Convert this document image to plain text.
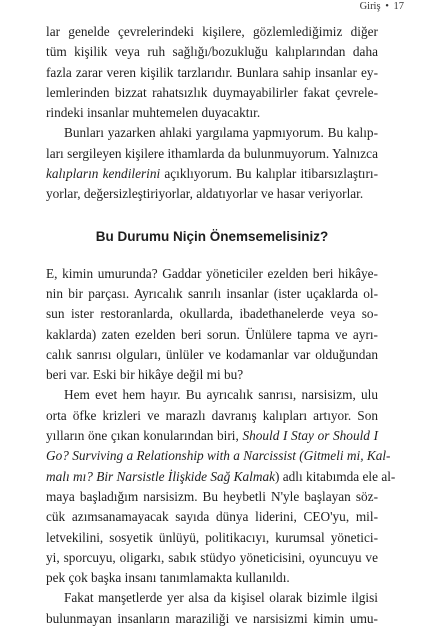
Giriş • 17
lar genelde çevrelerindeki kişilere, gözlemlediğimiz diğer
tüm kişilik veya ruh sağlığı/bozukluğu kalıplarından daha
fazla zarar veren kişilik tarzlarıdır. Bunlara sahip insanlar ey-
lemlerinden bizzat rahatsızlık duymayabilirler fakat çevrele-
rindeki insanlar muhtemelen duyacaktır.
Bunları yazarken ahlaki yargılama yapmıyorum. Bu kalıp-
ları sergileyen kişilere ithamlarda da bulunmuyorum. Yalnızca
kalıpların kendilerini açıklıyorum. Bu kalıplar itibarsızlaştırı-
yorlar, değersizleştiriyorlar, aldatıyorlar ve hasar veriyorlar.
Bu Durumu Niçin Önemsemelisiniz?
E, kimin umurunda? Gaddar yöneticiler ezelden beri hikâye-
nin bir parçası. Ayrıcalık sanrılı insanlar (ister uçaklarda ol-
sun ister restoranlarda, okullarda, ibadethanelerde veya so-
kaklarda) zaten ezelden beri sorun. Ünlülere tapma ve ayrı-
calık sanrısı olguları, ünlüler ve kodamanlar var olduğundan
beri var. Eski bir hikâye değil mi bu?
Hem evet hem hayır. Bu ayrıcalık sanrısı, narsisizm, ulu
orta öfke krizleri ve marazlı davranış kalıpları artıyor. Son
yılların öne çıkan konularından biri, Should I Stay or Should I
Go? Surviving a Relationship with a Narcissist (Gitmeli mi, Kal-
malı mı? Bir Narsistle İlişkide Sağ Kalmak) adlı kitabımda ele al-
maya başladığım narsisizm. Bu heybetli N'yle başlayan söz-
cük azımsanamayacak sayıda dünya liderini, CEO'yu, mil-
letvekilini, sosyetik ünlüyü, politikacıyı, kurumsal yönetici-
yi, sporcuyu, oligarkı, sabık stüdyo yöneticisini, oyuncuyu ve
pek çok başka insanı tanımlamakta kullanıldı.
Fakat manşetlerde yer alsa da kişisel olarak bizimle ilgisi
bulunmayan insanların maraziliği ve narsisizmi kimin umu-
